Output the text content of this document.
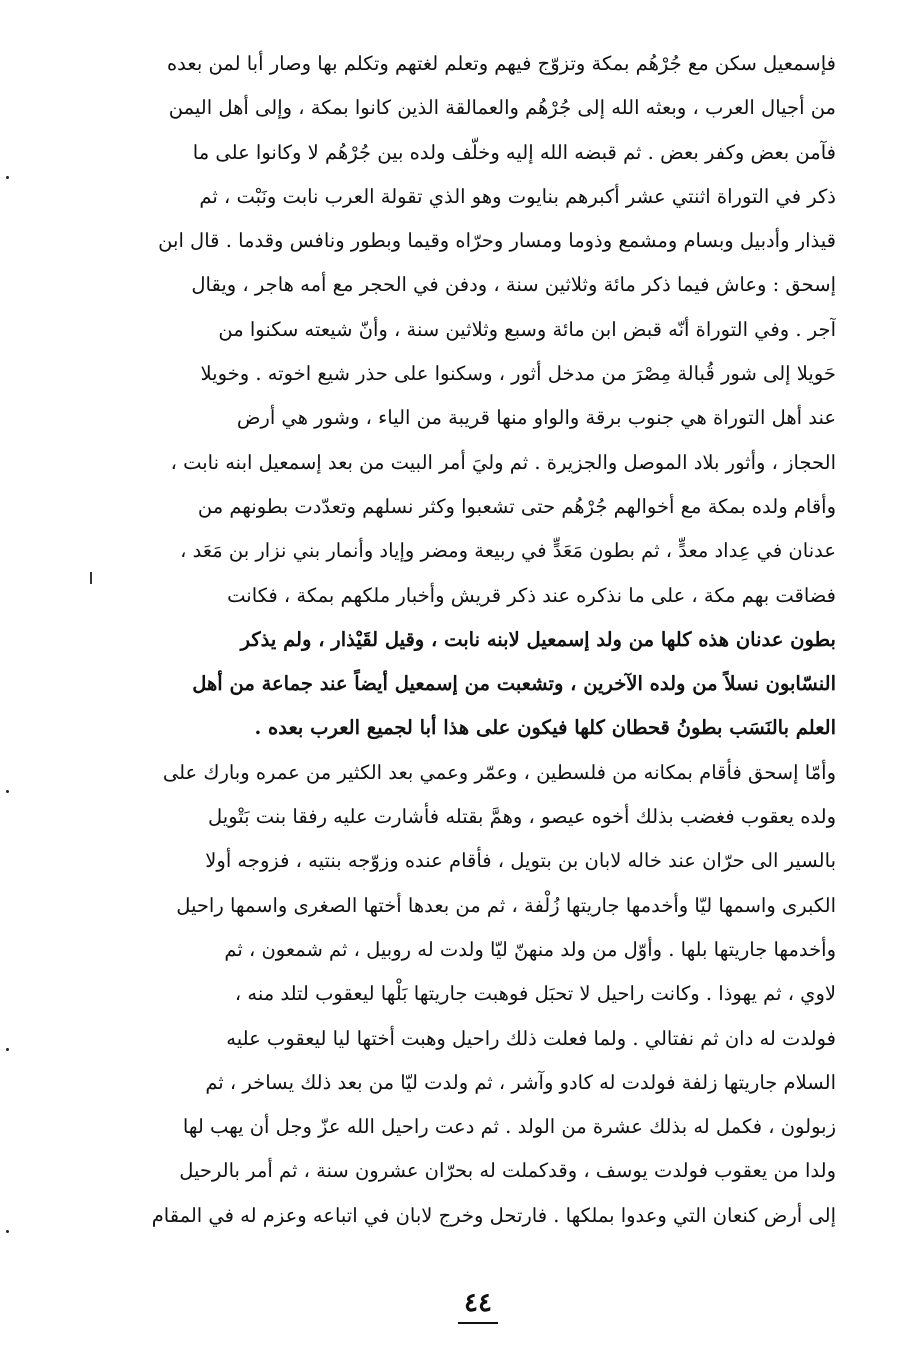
فإسمعيل سكن مع جُرْهُم بمكة وتزوّج فيهم وتعلم لغتهم وتكلم بها وصار أبا لمن بعده
من أجيال العرب ، وبعثه الله إلى جُرْهُم والعمالقة الذين كانوا بمكة ، وإلى أهل اليمن
فآمن بعض وكفر بعض . ثم قبضه الله إليه وخلّف ولده بين جُرْهُم لا وكانوا على ما
ذكر في التوراة اثنتي عشر أكبرهم بنايوت وهو الذي تقولة العرب نابت ونَبْت ، ثم
قيذار وأدبيل وبسام ومشمع وذوما ومسار وحرّاه وقيما وبطور ونافس وقدما . قال ابن
إسحق : وعاش فيما ذكر مائة وثلاثين سنة ، ودفن في الحجر مع أمه هاجر ، ويقال
آجر . وفي التوراة أنّه قبض ابن مائة وسبع وثلاثين سنة ، وأنّ شيعته سكنوا من
حَويلا إلى شور قُبالة مِصْرَ من مدخل أثور ، وسكنوا على حذر شيع اخوته . وخويلا
عند أهل التوراة هي جنوب برقة والواو منها قريبة من الياء ، وشور هي أرض
الحجاز ، وأثور بلاد الموصل والجزيرة . ثم وليَ أمر البيت من بعد إسمعيل ابنه نابت ،
وأقام ولده بمكة مع أخوالهم جُرْهُم حتى تشعبوا وكثر نسلهم وتعدّدت بطونهم من
عدنان في عِداد معدٍّ ، ثم بطون مَعَدٍّ في ربيعة ومضر وإياد وأنمار بني نزار بن مَعَد ،
فضاقت بهم مكة ، على ما نذكره عند ذكر قريش وأخبار ملكهم بمكة ، فكانت
بطون عدنان هذه كلها من ولد إسمعيل لابنه نابت ، وقيل لقَيْذار ، ولم يذكر
النسّابون نسلاً من ولده الآخرين ، وتشعبت من إسمعيل أيضاً عند جماعة من أهل
العلم بالنَسَب بطونُ قحطان كلها فيكون على هذا أبا لجميع العرب بعده .
وأمّا إسحق فأقام بمكانه من فلسطين ، وعمّر وعمي بعد الكثير من عمره وبارك على
ولده يعقوب فغضب بذلك أخوه عيصو ، وهمَّ بقتله فأشارت عليه رفقا بنت بَتْويل
بالسير الى حرّان عند خاله لابان بن بتويل ، فأقام عنده وزوّجه بنتيه ، فزوجه أولا
الكبرى واسمها ليّا وأخدمها جاريتها زُلْفة ، ثم من بعدها أختها الصغرى واسمها راحيل
وأخدمها جاريتها بلها . وأوّل من ولد منهنّ ليّا ولدت له روبيل ، ثم شمعون ، ثم
لاوي ، ثم يهوذا . وكانت راحيل لا تحبَل فوهبت جاريتها بَلْها ليعقوب لتلد منه ،
فولدت له دان ثم نفتالي . ولما فعلت ذلك راحيل وهبت أختها ليا ليعقوب عليه
السلام جاريتها زلفة فولدت له كادو وآشر ، ثم ولدت ليّا من بعد ذلك يساخر ، ثم
زبولون ، فكمل له بذلك عشرة من الولد . ثم دعت راحيل الله عزّ وجل أن يهب لها
ولدا من يعقوب فولدت يوسف ، وقدكملت له بحرّان عشرون سنة ، ثم أمر بالرحيل
إلى أرض كنعان التي وعدوا بملكها . فارتحل وخرج لابان في اتباعه وعزم له في المقام
٤٤
